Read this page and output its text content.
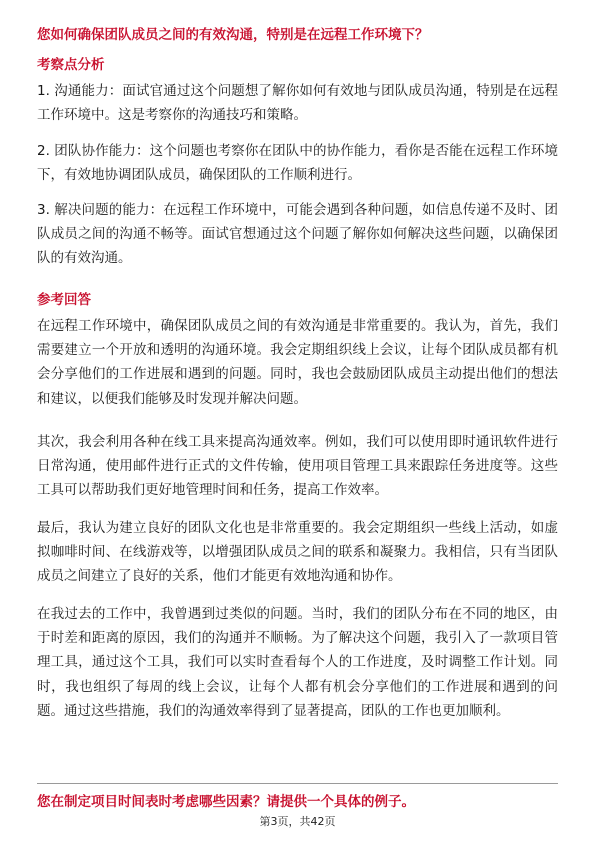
您如何确保团队成员之间的有效沟通，特别是在远程工作环境下？
考察点分析

1. 沟通能力：面试官通过这个问题想了解你如何有效地与团队成员沟通，特别是在远程工作环境中。这是考察你的沟通技巧和策略。

2. 团队协作能力：这个问题也考察你在团队中的协作能力，看你是否能在远程工作环境下，有效地协调团队成员，确保团队的工作顺利进行。

3. 解决问题的能力：在远程工作环境中，可能会遇到各种问题，如信息传递不及时、团队成员之间的沟通不畅等。面试官想通过这个问题了解你如何解决这些问题，以确保团队的有效沟通。

参考回答

在远程工作环境中，确保团队成员之间的有效沟通是非常重要的。我认为，首先，我们需要建立一个开放和透明的沟通环境。我会定期组织线上会议，让每个团队成员都有机会分享他们的工作进展和遇到的问题。同时，我也会鼓励团队成员主动提出他们的想法和建议，以便我们能够及时发现并解决问题。

其次，我会利用各种在线工具来提高沟通效率。例如，我们可以使用即时通讯软件进行日常沟通，使用邮件进行正式的文件传输，使用项目管理工具来跟踪任务进度等。这些工具可以帮助我们更好地管理时间和任务，提高工作效率。

最后，我认为建立良好的团队文化也是非常重要的。我会定期组织一些线上活动，如虚拟咖啡时间、在线游戏等，以增强团队成员之间的联系和凝聚力。我相信，只有当团队成员之间建立了良好的关系，他们才能更有效地沟通和协作。

在我过去的工作中，我曾遇到过类似的问题。当时，我们的团队分布在不同的地区，由于时差和距离的原因，我们的沟通并不顺畅。为了解决这个问题，我引入了一款项目管理工具，通过这个工具，我们可以实时查看每个人的工作进度，及时调整工作计划。同时，我也组织了每周的线上会议，让每个人都有机会分享他们的工作进展和遇到的问题。通过这些措施，我们的沟通效率得到了显著提高，团队的工作也更加顺利。

您在制定项目时间表时考虑哪些因素？请提供一个具体的例子。
第3页，共42页
